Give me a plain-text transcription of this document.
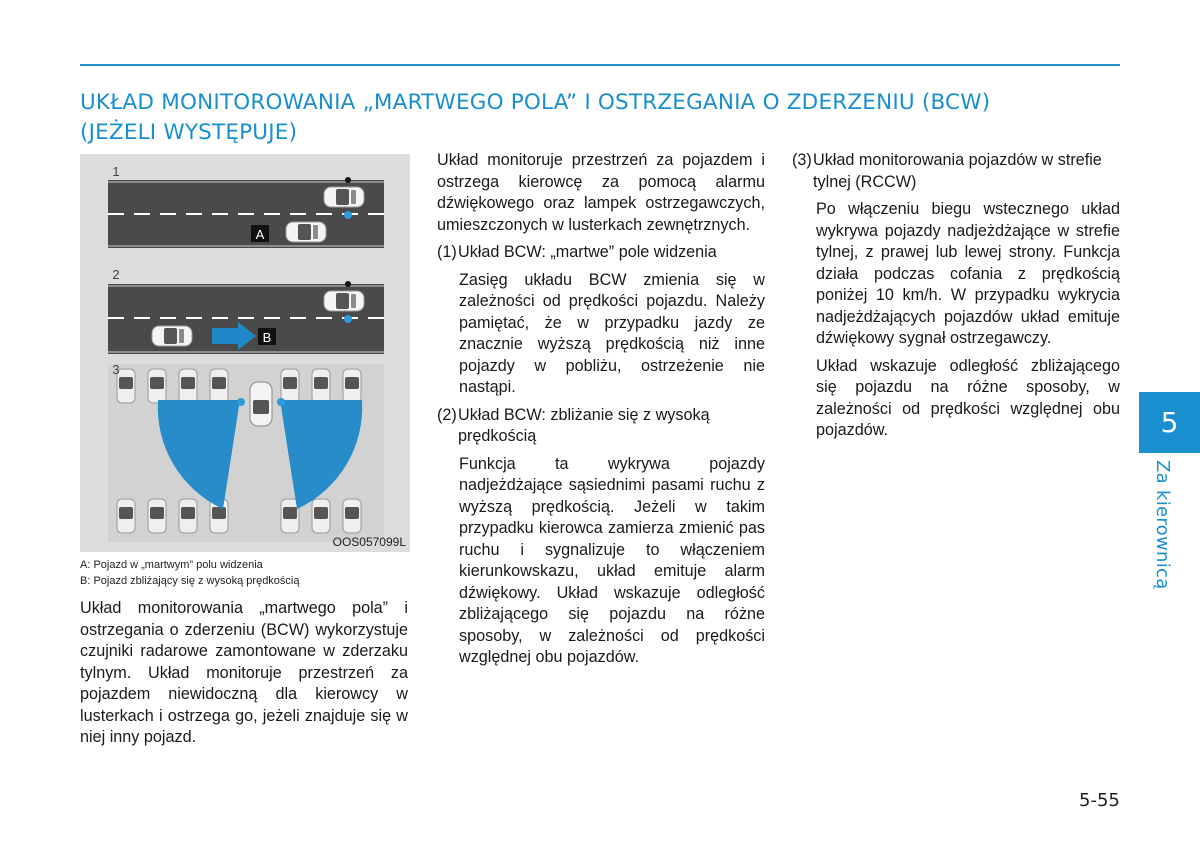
UKŁAD MONITOROWANIA „MARTWEGO POLA” I OSTRZEGANIA O ZDERZENIU (BCW)
(JEŻELI WYSTĘPUJE)
A
1
B
2
3
OOS057099L
A: Pojazd w „martwym” polu widzenia
B: Pojazd zbliżający się z wysoką prędkością

Układ monitorowania „martwego pola” i ostrzegania o zderzeniu (BCW) wykorzystuje czujniki radarowe zamontowane w zderzaku tylnym. Układ monitoruje przestrzeń za pojazdem niewidoczną dla kierowcy w lusterkach i ostrzega go, jeżeli znajduje się w niej inny pojazd.

Układ monitoruje przestrzeń za pojazdem i ostrzega kierowcę za pomocą alarmu dźwiękowego oraz lampek ostrzegawczych, umieszczonych w lusterkach zewnętrznych.

(1) Układ BCW: „martwe” pole widzenia

Zasięg układu BCW zmienia się w zależności od prędkości pojazdu. Należy pamiętać, że w przypadku jazdy ze znacznie wyższą prędkością niż inne pojazdy w pobliżu, ostrzeżenie nie nastąpi.

(2) Układ BCW: zbliżanie się z wysoką prędkością

Funkcja ta wykrywa pojazdy nadjeżdżające sąsiednimi pasami ruchu z wyższą prędkością. Jeżeli w takim przypadku kierowca zamierza zmienić pas ruchu i sygnalizuje to włączeniem kierunkowskazu, układ emituje alarm dźwiękowy. Układ wskazuje odległość zbliżającego się pojazdu na różne sposoby, w zależności od prędkości względnej obu pojazdów.

(3) Układ monitorowania pojazdów w strefie tylnej (RCCW)

Po włączeniu biegu wstecznego układ wykrywa pojazdy nadjeżdżające w strefie tylnej, z prawej lub lewej strony. Funkcja działa podczas cofania z prędkością poniżej 10 km/h. W przypadku wykrycia nadjeżdżających pojazdów układ emituje dźwiękowy sygnał ostrzegawczy.

Układ wskazuje odległość zbliżającego się pojazdu na różne sposoby, w zależności od prędkości względnej obu pojazdów.	5
Za kierownicą
5-55
